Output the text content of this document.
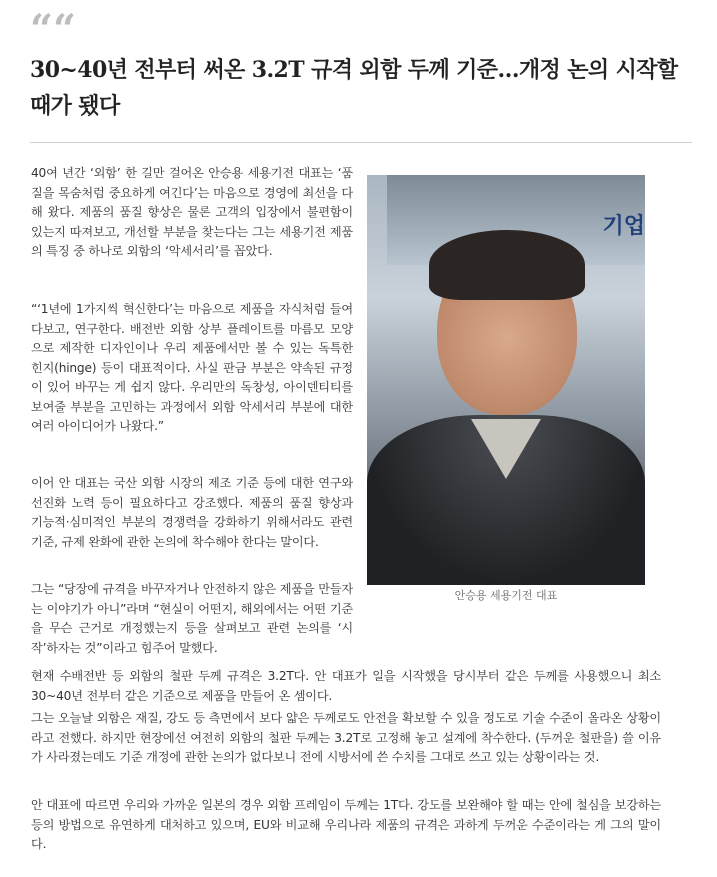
““
30~40년 전부터 써온 3.2T 규격 외함 두께 기준…개정 논의 시작할 때가 됐다
기업
안승용 세용기전 대표

40여 년간 ‘외함’ 한 길만 걸어온 안승용 세용기전 대표는 ‘품질을 목숨처럼 중요하게 여긴다’는 마음으로 경영에 최선을 다해 왔다. 제품의 품질 향상은 물론 고객의 입장에서 불편함이 있는지 따져보고, 개선할 부분을 찾는다는 그는 세용기전 제품의 특징 중 하나로 외함의 ‘악세서리’를 꼽았다.

“‘1년에 1가지씩 혁신한다’는 마음으로 제품을 자식처럼 들여다보고, 연구한다. 배전반 외함 상부 플레이트를 마름모 모양으로 제작한 디자인이나 우리 제품에서만 볼 수 있는 독특한 힌지(hinge) 등이 대표적이다. 사실 판금 부분은 약속된 규정이 있어 바꾸는 게 쉽지 않다. 우리만의 독창성, 아이덴티티를 보여줄 부분을 고민하는 과정에서 외함 악세서리 부분에 대한 여러 아이디어가 나왔다.”

이어 안 대표는 국산 외함 시장의 제조 기준 등에 대한 연구와 선진화 노력 등이 필요하다고 강조했다. 제품의 품질 향상과 기능적·심미적인 부분의 경쟁력을 강화하기 위해서라도 관련 기준, 규제 완화에 관한 논의에 착수해야 한다는 말이다.

그는 “당장에 규격을 바꾸자거나 안전하지 않은 제품을 만들자는 이야기가 아니”라며 “현실이 어떤지, 해외에서는 어떤 기준을 무슨 근거로 개정했는지 등을 살펴보고 관련 논의를 ‘시작’하자는 것”이라고 힘주어 말했다.

현재 수배전반 등 외함의 철판 두께 규격은 3.2T다. 안 대표가 일을 시작했을 당시부터 같은 두께를 사용했으니 최소 30~40년 전부터 같은 기준으로 제품을 만들어 온 셈이다.

그는 오늘날 외함은 재질, 강도 등 측면에서 보다 얇은 두께로도 안전을 확보할 수 있을 정도로 기술 수준이 올라온 상황이라고 전했다. 하지만 현장에선 여전히 외함의 철판 두께는 3.2T로 고정해 놓고 설계에 착수한다. (두꺼운 철판을) 쓸 이유가 사라졌는데도 기준 개정에 관한 논의가 없다보니 전에 시방서에 쓴 수치를 그대로 쓰고 있는 상황이라는 것.

안 대표에 따르면 우리와 가까운 일본의 경우 외함 프레임이 두께는 1T다. 강도를 보완해야 할 때는 안에 철심을 보강하는 등의 방법으로 유연하게 대처하고 있으며, EU와 비교해 우리나라 제품의 규격은 과하게 두꺼운 수준이라는 게 그의 말이다.
